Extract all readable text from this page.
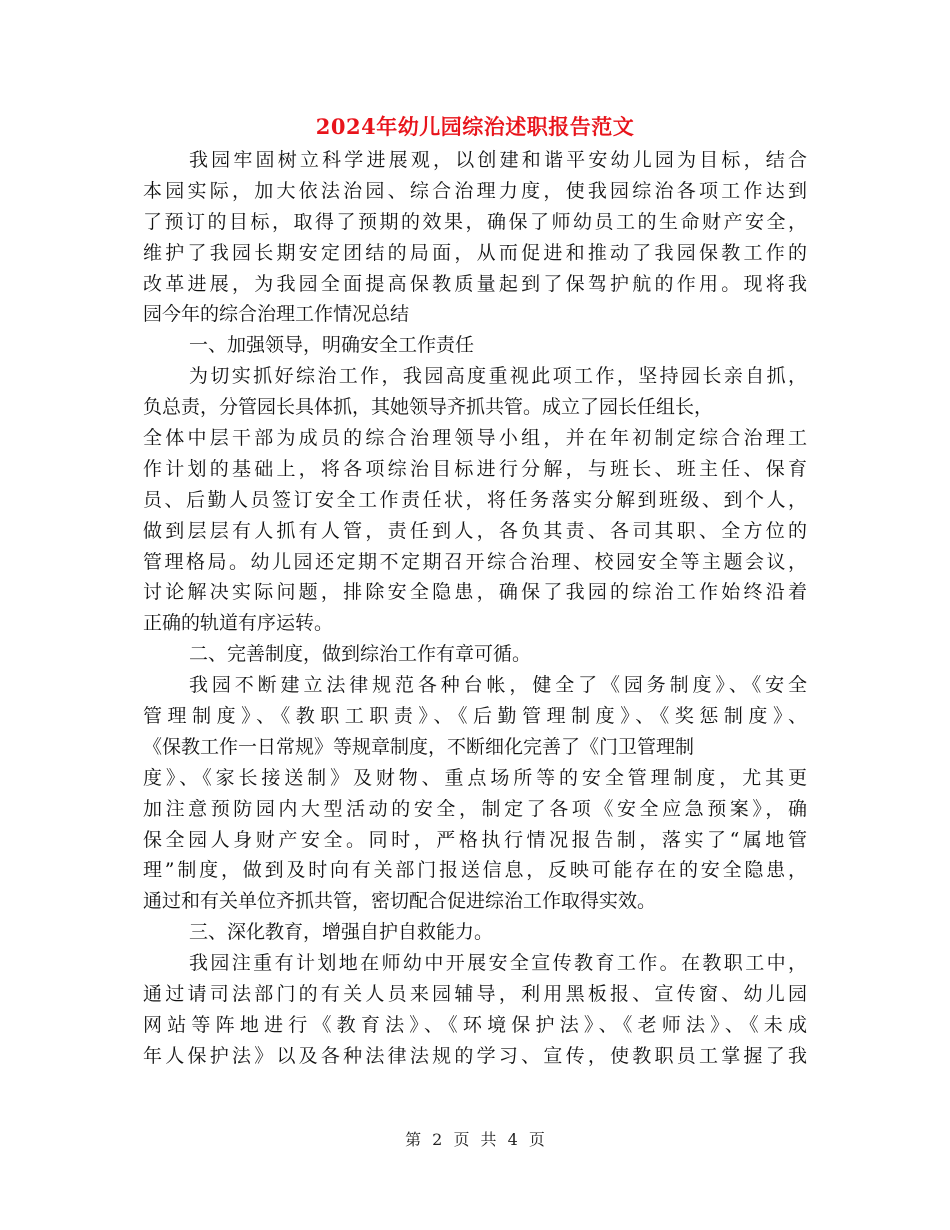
2024年幼儿园综治述职报告范文
我园牢固树立科学进展观，以创建和谐平安幼儿园为目标，结合
本园实际，加大依法治园、综合治理力度，使我园综治各项工作达到
了预订的目标，取得了预期的效果，确保了师幼员工的生命财产安全，
维护了我园长期安定团结的局面，从而促进和推动了我园保教工作的
改革进展，为我园全面提高保教质量起到了保驾护航的作用。现将我
园今年的综合治理工作情况总结
一、加强领导，明确安全工作责任
为切实抓好综治工作，我园高度重视此项工作，坚持园长亲自抓，
负总责，分管园长具体抓，其她领导齐抓共管。成立了园长任组长，
全体中层干部为成员的综合治理领导小组，并在年初制定综合治理工
作计划的基础上，将各项综治目标进行分解，与班长、班主任、保育
员、后勤人员签订安全工作责任状，将任务落实分解到班级、到个人，
做到层层有人抓有人管，责任到人，各负其责、各司其职、全方位的
管理格局。幼儿园还定期不定期召开综合治理、校园安全等主题会议，
讨论解决实际问题，排除安全隐患，确保了我园的综治工作始终沿着
正确的轨道有序运转。
二、完善制度，做到综治工作有章可循。
我园不断建立法律规范各种台帐，健全了《园务制度》、《安全
管理制度》、《教职工职责》、《后勤管理制度》、《奖惩制度》、
《保教工作一日常规》等规章制度，不断细化完善了《门卫管理制
度》、《家长接送制》及财物、重点场所等的安全管理制度，尤其更
加注意预防园内大型活动的安全，制定了各项《安全应急预案》，确
保全园人身财产安全。同时，严格执行情况报告制，落实了“属地管
理”制度，做到及时向有关部门报送信息，反映可能存在的安全隐患，
通过和有关单位齐抓共管，密切配合促进综治工作取得实效。
三、深化教育，增强自护自救能力。
我园注重有计划地在师幼中开展安全宣传教育工作。在教职工中，
通过请司法部门的有关人员来园辅导，利用黑板报、宣传窗、幼儿园
网站等阵地进行《教育法》、《环境保护法》、《老师法》、《未成
年人保护法》以及各种法律法规的学习、宣传，使教职员工掌握了我
第 2 页 共 4 页
